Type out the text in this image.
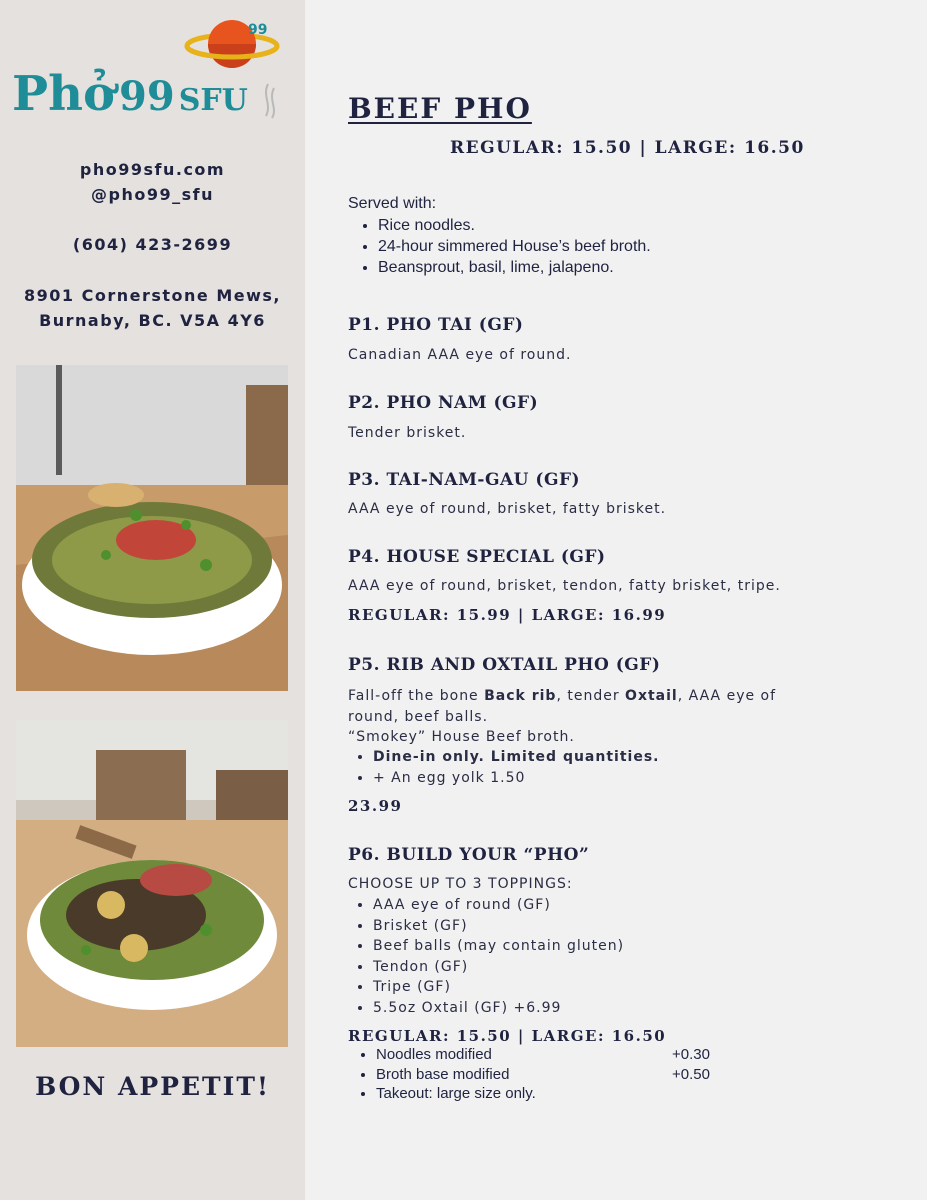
99
Phở 99 SFU
pho99sfu.com
@pho99_sfu
(604) 423-2699
8901 Cornerstone Mews,
Burnaby, BC. V5A 4Y6
BON APPETIT!
BEEF PHO
REGULAR: 15.50 | LARGE: 16.50
Served with:
• Rice noodles.
• 24-hour simmered House’s beef broth.
• Beansprout, basil, lime, jalapeno.
P1. PHO TAI (GF)
Canadian AAA eye of round.
P2. PHO NAM (GF)
Tender brisket.
P3. TAI-NAM-GAU (GF)
AAA eye of round, brisket, fatty brisket.
P4. HOUSE SPECIAL (GF)
AAA eye of round, brisket, tendon, fatty brisket, tripe.
REGULAR: 15.99 | LARGE: 16.99
P5. RIB AND OXTAIL PHO (GF)
Fall-off the bone Back rib, tender Oxtail, AAA eye of round, beef balls.
“Smokey” House Beef broth.
• Dine-in only. Limited quantities.
• + An egg yolk 1.50
23.99
P6. BUILD YOUR “PHO”
CHOOSE UP TO 3 TOPPINGS:
• AAA eye of round (GF)
• Brisket (GF)
• Beef balls (may contain gluten)
• Tendon (GF)
• Tripe (GF)
• 5.5oz Oxtail (GF) +6.99
REGULAR: 15.50 | LARGE: 16.50
• Noodles modified	+0.30
• Broth base modified	+0.50
• Takeout: large size only.
